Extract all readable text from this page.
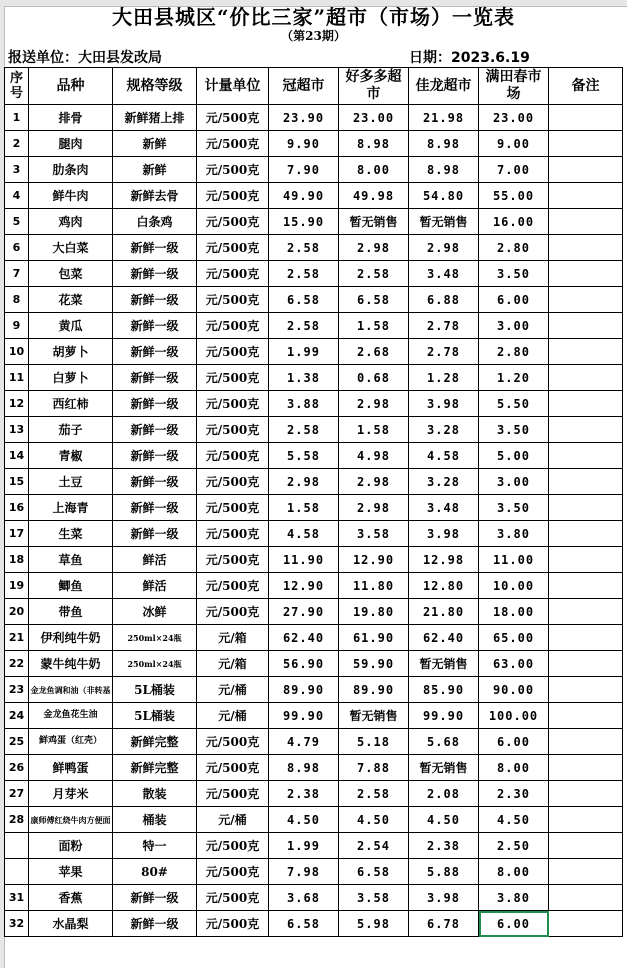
大田县城区“价比三家”超市（市场）一览表
（第23期）
报送单位：大田县发改局	日期：2023.6.19
序号	品种	规格等级	计量单位	冠超市	好多多超市	佳龙超市	满田春市场	备注
1	排骨	新鲜猪上排	元/500克	23.90	23.00	21.98	23.00	
2	腿肉	新鲜	元/500克	9.90	8.98	8.98	9.00	
3	肋条肉	新鲜	元/500克	7.90	8.00	8.98	7.00	
4	鲜牛肉	新鲜去骨	元/500克	49.90	49.98	54.80	55.00	
5	鸡肉	白条鸡	元/500克	15.90	暂无销售	暂无销售	16.00	
6	大白菜	新鲜一级	元/500克	2.58	2.98	2.98	2.80	
7	包菜	新鲜一级	元/500克	2.58	2.58	3.48	3.50	
8	花菜	新鲜一级	元/500克	6.58	6.58	6.88	6.00	
9	黄瓜	新鲜一级	元/500克	2.58	1.58	2.78	3.00	
10	胡萝卜	新鲜一级	元/500克	1.99	2.68	2.78	2.80	
11	白萝卜	新鲜一级	元/500克	1.38	0.68	1.28	1.20	
12	西红柿	新鲜一级	元/500克	3.88	2.98	3.98	5.50	
13	茄子	新鲜一级	元/500克	2.58	1.58	3.28	3.50	
14	青椒	新鲜一级	元/500克	5.58	4.98	4.58	5.00	
15	土豆	新鲜一级	元/500克	2.98	2.98	3.28	3.00	
16	上海青	新鲜一级	元/500克	1.58	2.98	3.48	3.50	
17	生菜	新鲜一级	元/500克	4.58	3.58	3.98	3.80	
18	草鱼	鲜活	元/500克	11.90	12.90	12.98	11.00	
19	鲫鱼	鲜活	元/500克	12.90	11.80	12.80	10.00	
20	带鱼	冰鲜	元/500克	27.90	19.80	21.80	18.00	
21	伊利纯牛奶	250ml×24瓶	元/箱	62.40	61.90	62.40	65.00	
22	蒙牛纯牛奶	250ml×24瓶	元/箱	56.90	59.90	暂无销售	63.00	
23	金龙鱼调和油（非转基	5L桶装	元/桶	89.90	89.90	85.90	90.00	
24	金龙鱼花生油	5L桶装	元/桶	99.90	暂无销售	99.90	100.00	
25	鲜鸡蛋（红壳）	新鲜完整	元/500克	4.79	5.18	5.68	6.00	
26	鲜鸭蛋	新鲜完整	元/500克	8.98	7.88	暂无销售	8.00	
27	月芽米	散装	元/500克	2.38	2.58	2.08	2.30	
28	康师傅红烧牛肉方便面	桶装	元/桶	4.50	4.50	4.50	4.50	
	面粉	特一	元/500克	1.99	2.54	2.38	2.50	
	苹果	80#	元/500克	7.98	6.58	5.88	8.00	
31	香蕉	新鲜一级	元/500克	3.68	3.58	3.98	3.80	
32	水晶梨	新鲜一级	元/500克	6.58	5.98	6.78	6.00	
